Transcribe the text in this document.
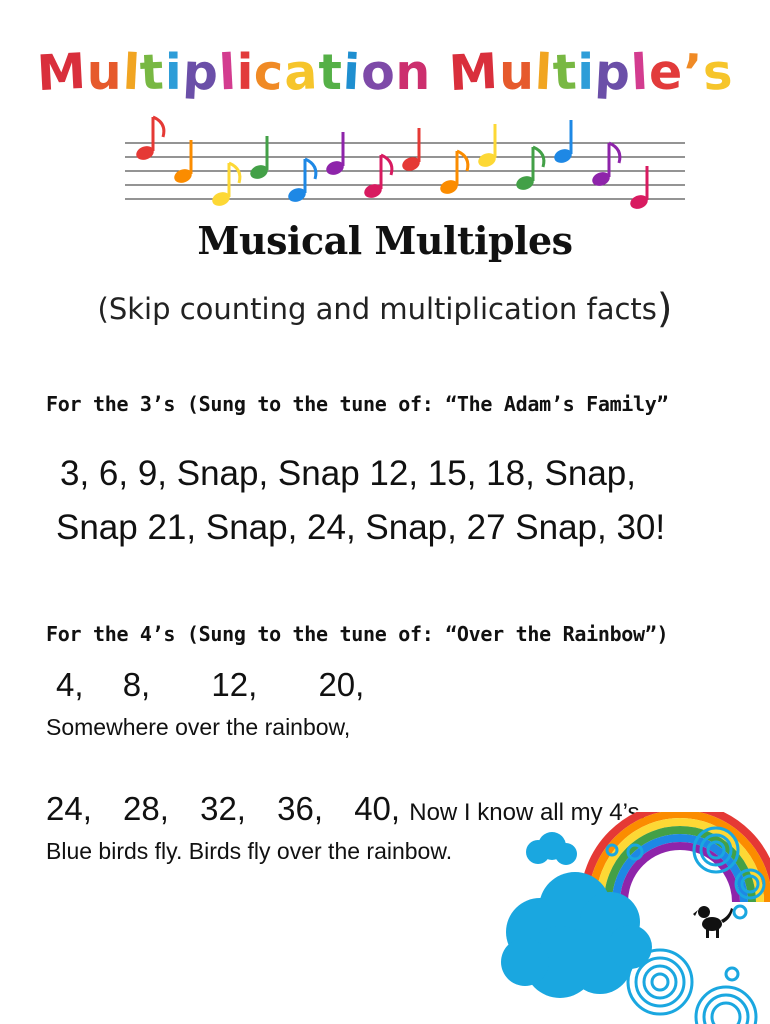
Multiplication Multiple’s
Musical Multiples
(Skip counting and multiplication facts)
For the 3’s (Sung to the tune of: “The Adam’s Family”
3, 6, 9, Snap, Snap 12, 15, 18, Snap,
Snap 21, Snap, 24, Snap, 27 Snap, 30!
For the 4’s (Sung to the tune of: “Over the Rainbow”)
4, 8, 12, 20,
Somewhere over the rainbow,
24, 28, 32, 36, 40, Now I know all my 4’s.
Blue birds fly. Birds fly over the rainbow.
